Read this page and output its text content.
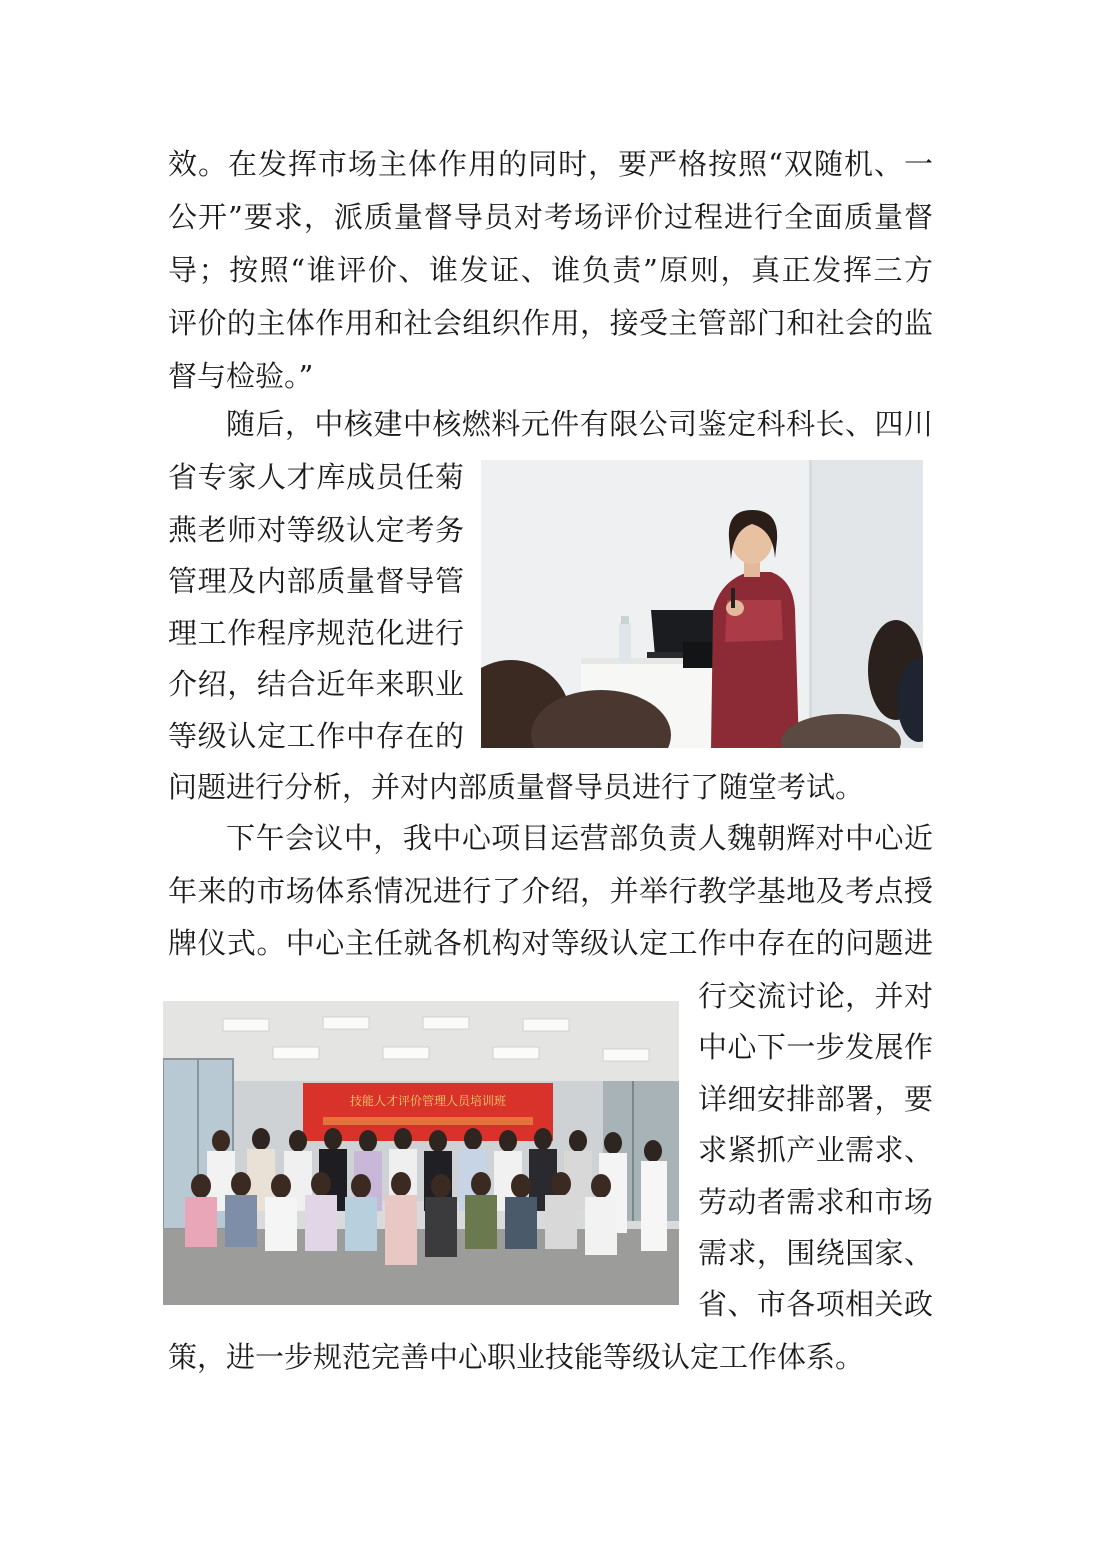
效。在发挥市场主体作用的同时，要严格按照“双随机、一

公开”要求，派质量督导员对考场评价过程进行全面质量督

导；按照“谁评价、谁发证、谁负责”原则，真正发挥三方

评价的主体作用和社会组织作用，接受主管部门和社会的监

督与检验。”

随后，中核建中核燃料元件有限公司鉴定科科长、四川

省专家人才库成员任菊

燕老师对等级认定考务

管理及内部质量督导管

理工作程序规范化进行

介绍，结合近年来职业

等级认定工作中存在的

问题进行分析，并对内部质量督导员进行了随堂考试。

下午会议中，我中心项目运营部负责人魏朝辉对中心近

年来的市场体系情况进行了介绍，并举行教学基地及考点授

牌仪式。中心主任就各机构对等级认定工作中存在的问题进

行交流讨论，并对

中心下一步发展作

详细安排部署，要

求紧抓产业需求、

劳动者需求和市场

需求，围绕国家、

省、市各项相关政

策，进一步规范完善中心职业技能等级认定工作体系。

技能人才评价管理人员培训班
